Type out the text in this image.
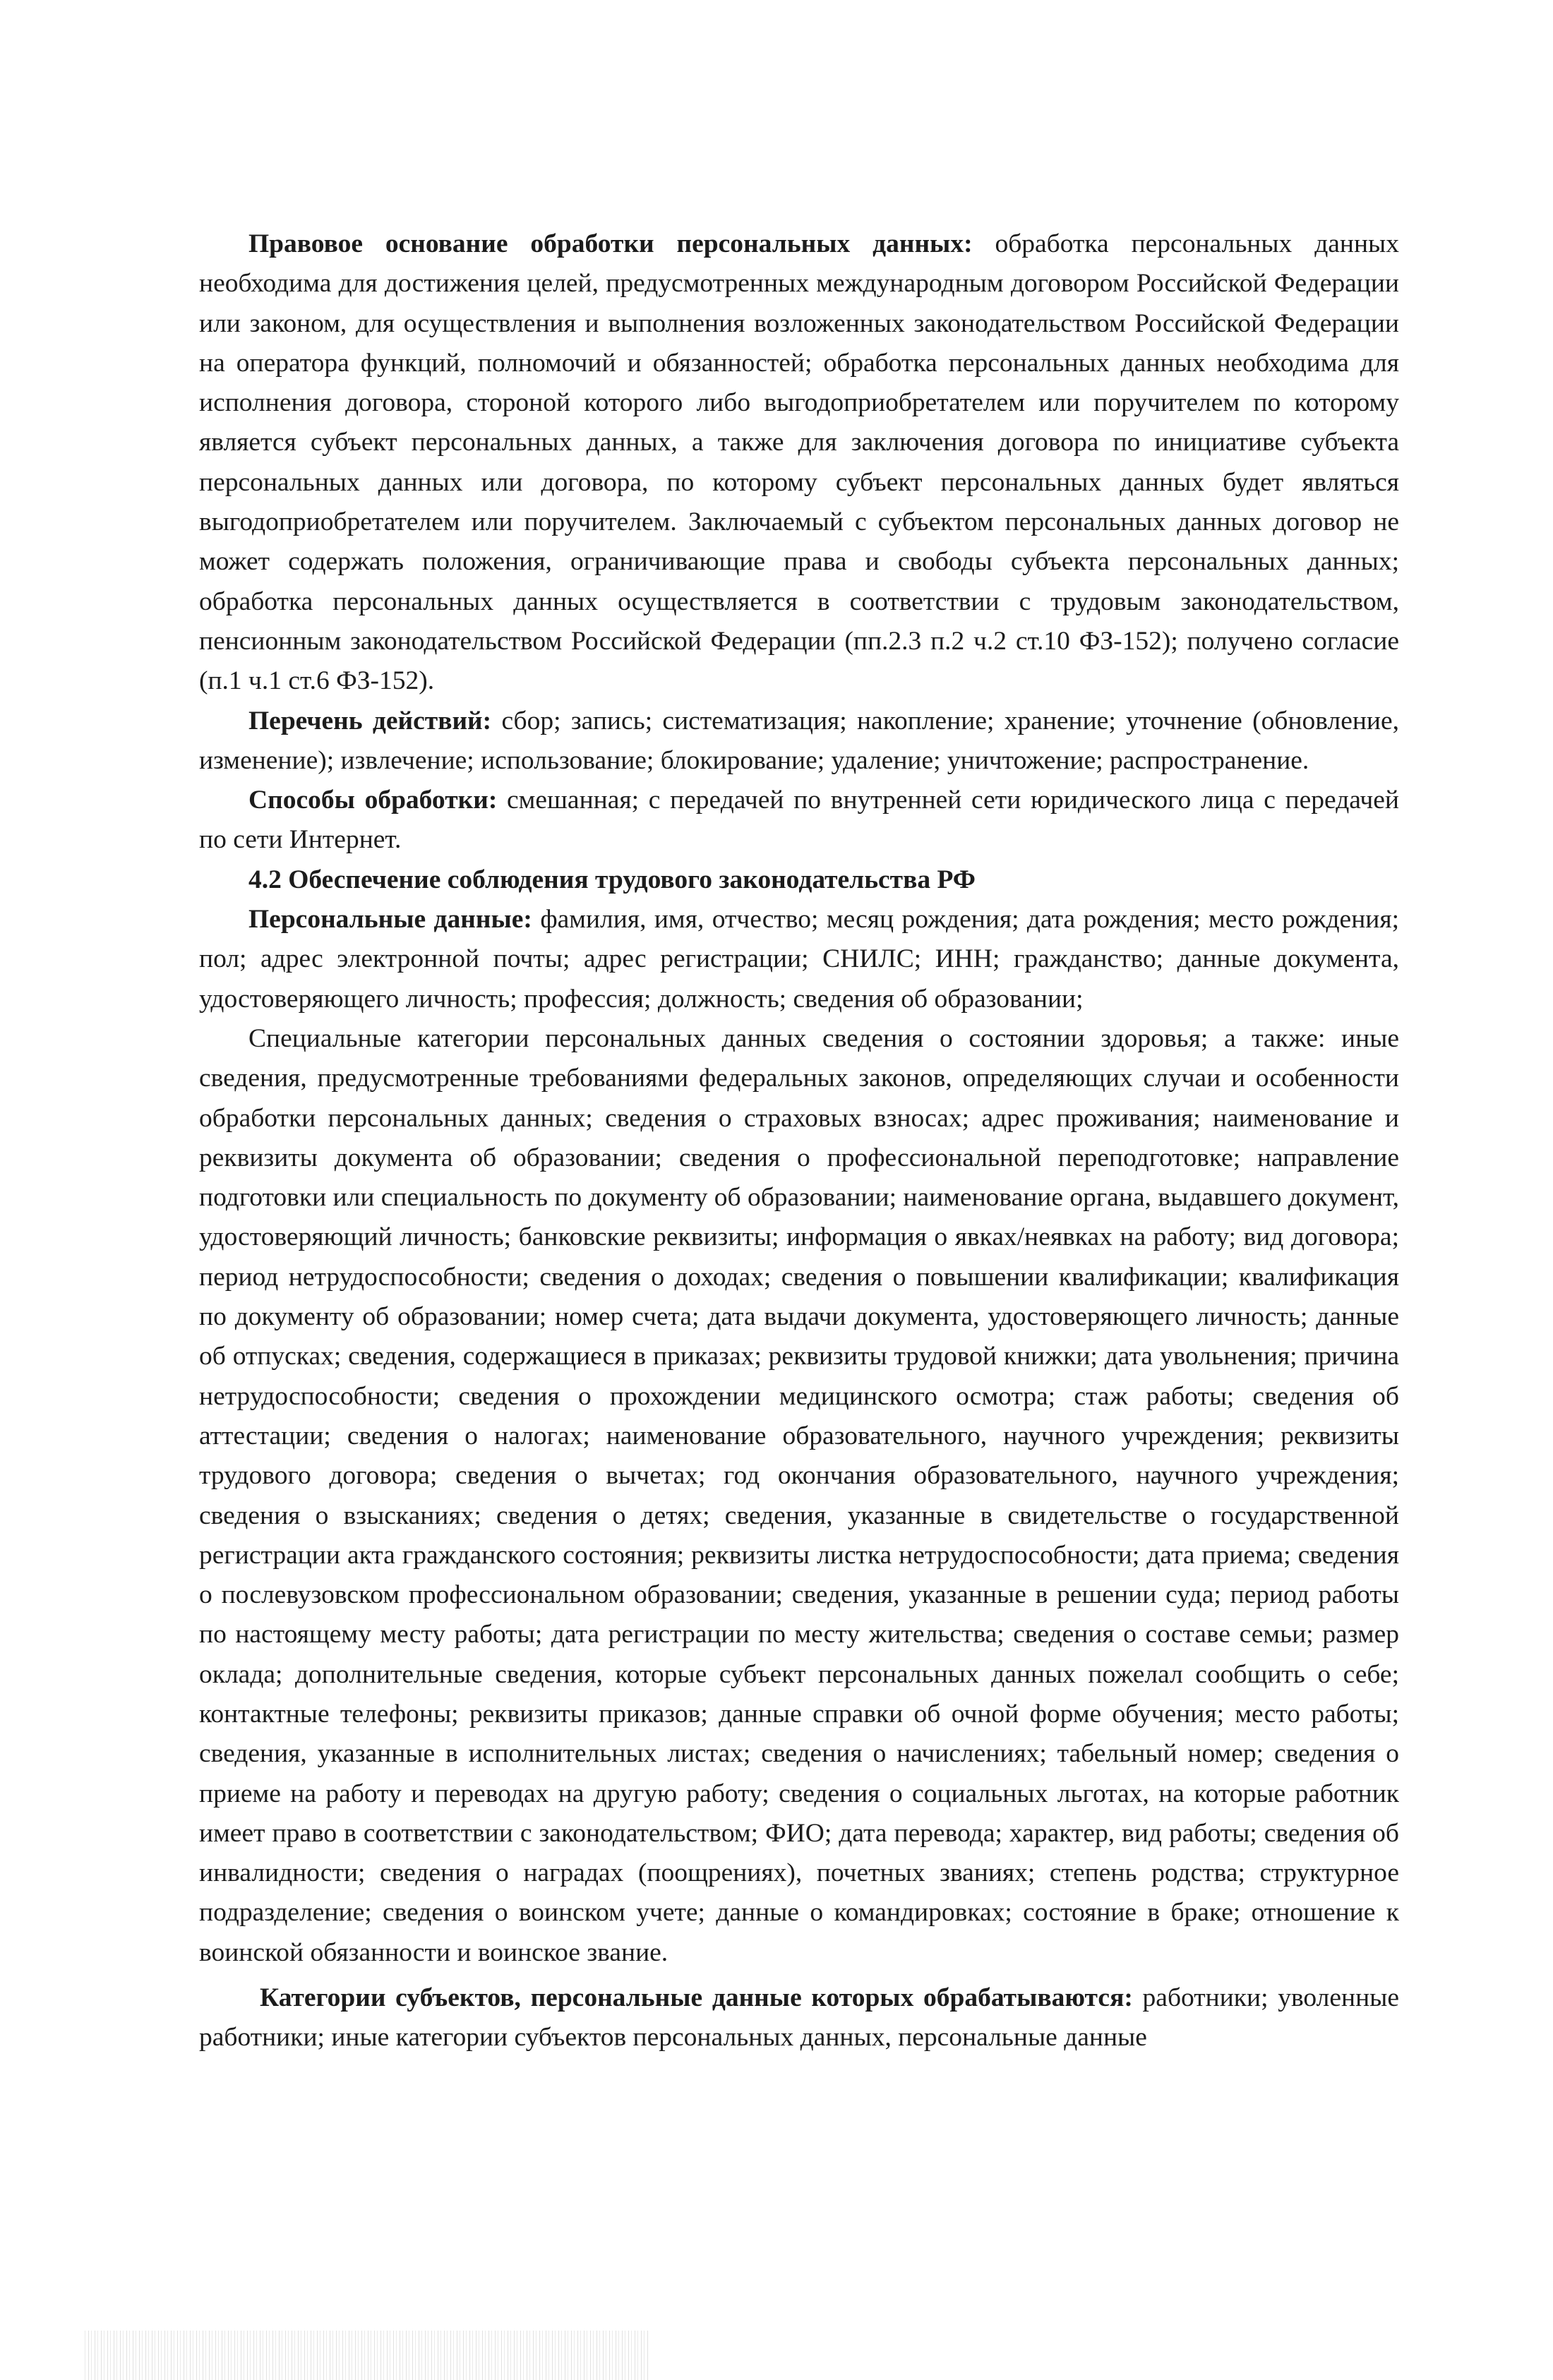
Правовое основание обработки персональных данных: обработка персональных данных необходима для достижения целей, предусмотренных международным договором Российской Федерации или законом, для осуществления и выполнения возложенных законодательством Российской Федерации на оператора функций, полномочий и обязанностей; обработка персональных данных необходима для исполнения договора, стороной которого либо выгодоприобретателем или поручителем по которому является субъект персональных данных, а также для заключения договора по инициативе субъекта персональных данных или договора, по которому субъект персональных данных будет являться выгодоприобретателем или поручителем. Заключаемый с субъектом персональных данных договор не может содержать положения, ограничивающие права и свободы субъекта персональных данных; обработка персональных данных осуществляется в соответствии с трудовым законодательством, пенсионным законодательством Российской Федерации (пп.2.3 п.2 ч.2 ст.10 ФЗ-152); получено согласие (п.1 ч.1 ст.6 ФЗ-152).

Перечень действий: сбор; запись; систематизация; накопление; хранение; уточнение (обновление, изменение); извлечение; использование; блокирование; удаление; уничтожение; распространение.

Способы обработки: смешанная; с передачей по внутренней сети юридического лица с передачей по сети Интернет.

4.2 Обеспечение соблюдения трудового законодательства РФ

Персональные данные: фамилия, имя, отчество; месяц рождения; дата рождения; место рождения; пол; адрес электронной почты; адрес регистрации; СНИЛС; ИНН; гражданство; данные документа, удостоверяющего личность; профессия; должность; сведения об образовании;

Специальные категории персональных данных сведения о состоянии здоровья; а также: иные сведения, предусмотренные требованиями федеральных законов, определяющих случаи и особенности обработки персональных данных; сведения о страховых взносах; адрес проживания; наименование и реквизиты документа об образовании; сведения о профессиональной переподготовке; направление подготовки или специальность по документу об образовании; наименование органа, выдавшего документ, удостоверяющий личность; банковские реквизиты; информация о явках/неявках на работу; вид договора; период нетрудоспособности; сведения о доходах; сведения о повышении квалификации; квалификация по документу об образовании; номер счета; дата выдачи документа, удостоверяющего личность; данные об отпусках; сведения, содержащиеся в приказах; реквизиты трудовой книжки; дата увольнения; причина нетрудоспособности; сведения о прохождении медицинского осмотра; стаж работы; сведения об аттестации; сведения о налогах; наименование образовательного, научного учреждения; реквизиты трудового договора; сведения о вычетах; год окончания образовательного, научного учреждения; сведения о взысканиях; сведения о детях; сведения, указанные в свидетельстве о государственной регистрации акта гражданского состояния; реквизиты листка нетрудоспособности; дата приема; сведения о послевузовском профессиональном образовании; сведения, указанные в решении суда; период работы по настоящему месту работы; дата регистрации по месту жительства; сведения о составе семьи; размер оклада; дополнительные сведения, которые субъект персональных данных пожелал сообщить о себе; контактные телефоны; реквизиты приказов; данные справки об очной форме обучения; место работы; сведения, указанные в исполнительных листах; сведения о начислениях; табельный номер; сведения о приеме на работу и переводах на другую работу; сведения о социальных льготах, на которые работник имеет право в соответствии с законодательством; ФИО; дата перевода; характер, вид работы; сведения об инвалидности; сведения о наградах (поощрениях), почетных званиях; степень родства; структурное подразделение; сведения о воинском учете; данные о командировках; состояние в браке; отношение к воинской обязанности и воинское звание.

Категории субъектов, персональные данные которых обрабатываются: работники; уволенные работники; иные категории субъектов персональных данных, персональные данные
